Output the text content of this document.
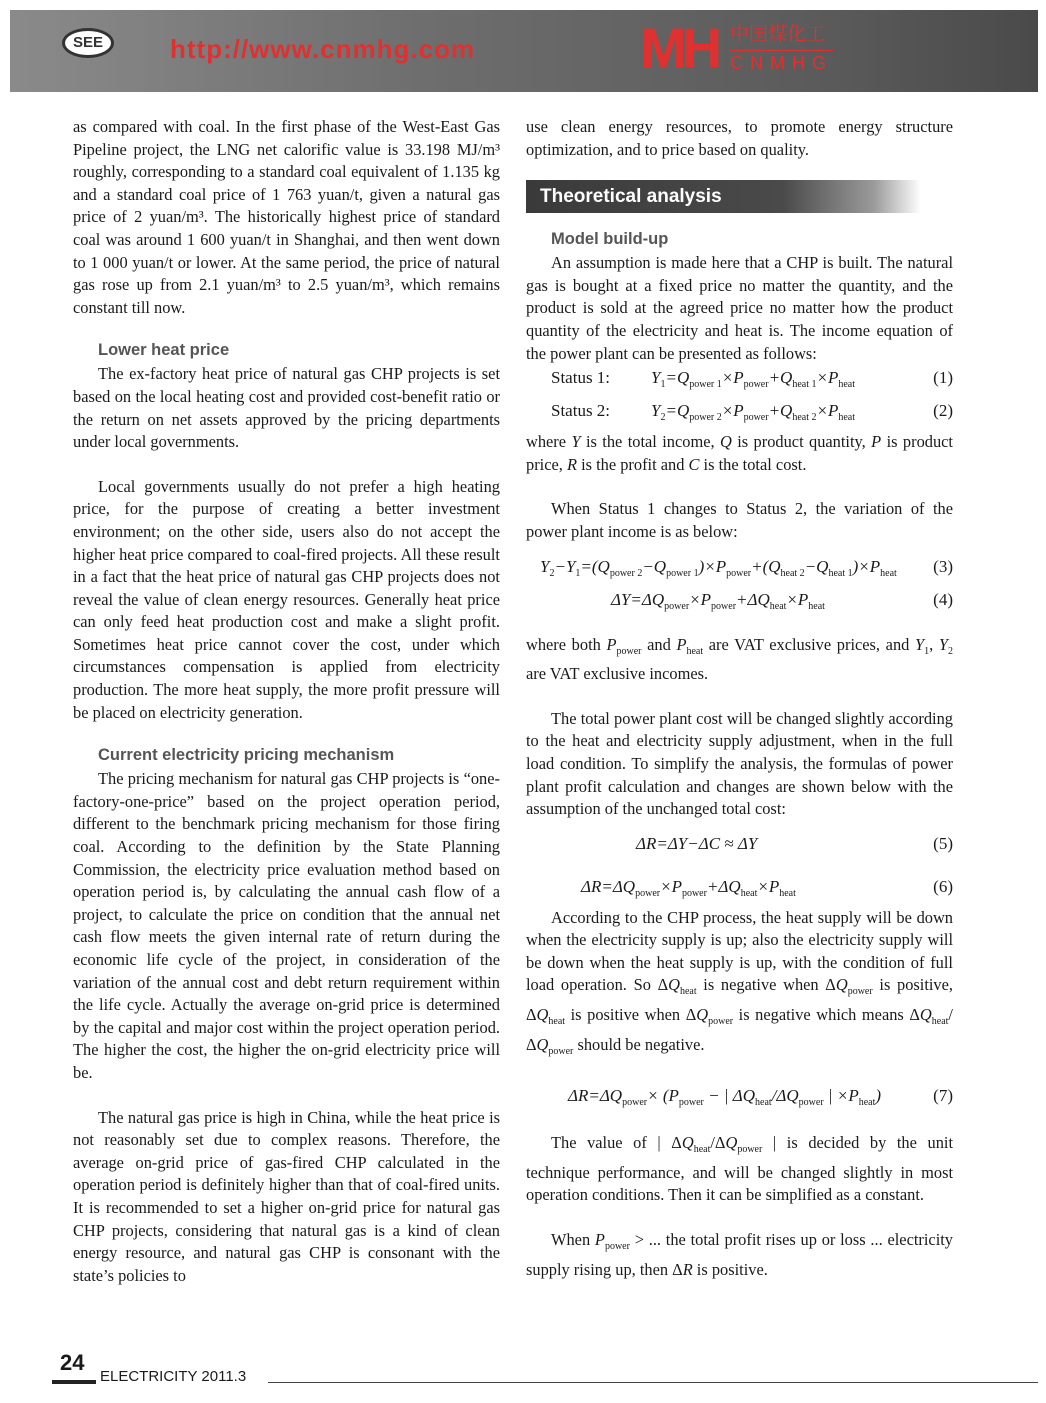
SEE

as compared with coal. In the first phase of the West-East Gas Pipeline project, the LNG net calorific value is 33.198 MJ/m³ roughly, corresponding to a standard coal equivalent of 1.135 kg and a standard coal price of 1 763 yuan/t, given a natural gas price of 2 yuan/m³. The historically highest price of standard coal was around 1 600 yuan/t in Shanghai, and then went down to 1 000 yuan/t or lower. At the same period, the price of natural gas rose up from 2.1 yuan/m³ to 2.5 yuan/m³, which remains constant till now.

Lower heat price

The ex-factory heat price of natural gas CHP projects is set based on the local heating cost and provided cost-benefit ratio or the return on net assets approved by the pricing departments under local governments.

Local governments usually do not prefer a high heating price, for the purpose of creating a better investment environment; on the other side, users also do not accept the higher heat price compared to coal-fired projects. All these result in a fact that the heat price of natural gas CHP projects does not reveal the value of clean energy resources. Generally heat price can only feed heat production cost and make a slight profit. Sometimes heat price cannot cover the cost, under which circumstances compensation is applied from electricity production. The more heat supply, the more profit pressure will be placed on electricity generation.

Current electricity pricing mechanism

The pricing mechanism for natural gas CHP projects is “one-factory-one-price” based on the project operation period, different to the benchmark pricing mechanism for those firing coal. According to the definition by the State Planning Commission, the electricity price evaluation method based on operation period is, by calculating the annual cash flow of a project, to calculate the price on condition that the annual net cash flow meets the given internal rate of return during the economic life cycle of the project, in consideration of the variation of the annual cost and debt return requirement within the life cycle. Actually the average on-grid price is determined by the capital and major cost within the project operation period. The higher the cost, the higher the on-grid electricity price will be.

The natural gas price is high in China, while the heat price is not reasonably set due to complex reasons. Therefore, the average on-grid price of gas-fired CHP calculated in the operation period is definitely higher than that of coal-fired units. It is recommended to set a higher on-grid price for natural gas CHP projects, considering that natural gas is a kind of clean energy resource, and natural gas CHP is consonant with the state’s policies to

use clean energy resources, to promote energy structure optimization, and to price based on quality.

Theoretical analysis
Model build-up

An assumption is made here that a CHP is built. The natural gas is bought at a fixed price no matter the quantity, and the product is sold at the agreed price no matter how the product quantity of the electricity and heat is. The income equation of the power plant can be presented as follows:

Status 1: $Y_1=Q_{power 1}\times P_{power}+Q_{heat 1}\times P_{heat}$	(1)
Status 2: $Y_2=Q_{power 2}\times P_{power}+Q_{heat 2}\times P_{heat}$	(2)

where Y is the total income, Q is product quantity, P is product price, R is the profit and C is the total cost.

When Status 1 changes to Status 2, the variation of the power plant income is as below:

$Y_2-Y_1=(Q_{power 2}-Q_{power 1})\times P_{power}+(Q_{heat 2}-Q_{heat 1})\times P_{heat}$ (3)
$\Delta Y=\Delta Q_{power}\times P_{power}+\Delta Q_{heat}\times P_{heat}$	(4)

where both $P_{power}$ and $P_{heat}$ are VAT exclusive prices, and $Y_1$, $Y_2$ are VAT exclusive incomes.

The total power plant cost will be changed slightly according to the heat and electricity supply adjustment, when in the full load condition. To simplify the analysis, the formulas of power plant profit calculation and changes are shown below with the assumption of the unchanged total cost:

ΔR=ΔY−ΔC ≈ ΔY	(5)
$\Delta R=\Delta Q_{power}\times P_{power}+\Delta Q_{heat}\times P_{heat}$	(6)

According to the CHP process, the heat supply will be down when the electricity supply is up; also the electricity supply will be down when the heat supply is up, with the condition of full load operation. So $\Delta Q_{heat}$ is negative when $\Delta Q_{power}$ is positive, $\Delta Q_{heat}$ is positive when $\Delta Q_{power}$ is negative which means $\Delta Q_{heat}/\Delta Q_{power}$ should be negative.

$\Delta R=\Delta Q_{power}\times (P_{power}$ − | $\Delta Q_{heat}/\Delta Q_{power}$ | $\times P_{heat}$)	(7)

The value of | $\Delta Q_{heat}/\Delta Q_{power}$ | is decided by the unit technique performance, and will be changed slightly in most operation conditions. Then it can be simplified as a constant.

When $P_{power}$ > ... the total profit rises up or loss ... electricity supply rising up, then ΔR is positive.

24
ELECTRICITY 2011.3
http://www.cnmhg.com	MH 中国煤化工
CNMHG
